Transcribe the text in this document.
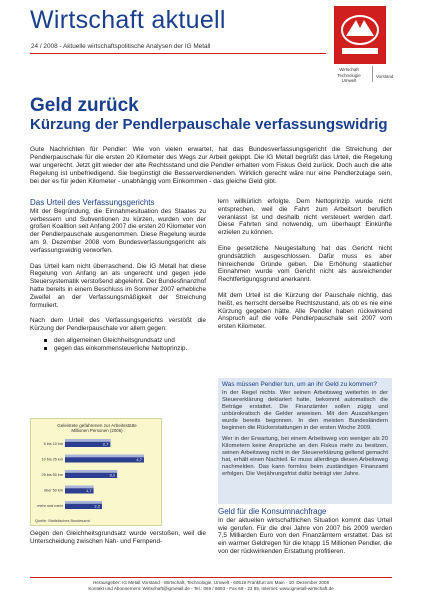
Wirtschaft aktuell
24 / 2008 - Aktuelle wirtschaftspolitische Analysen der IG Metall
Wirtschaft
Technologie
Umwelt
Vorstand
Geld zurück
Kürzung der Pendlerpauschale verfassungswidrig
Gute Nachrichten für Pendler: Wie von vielen erwartet, hat das Bundesverfassungsgericht die Streichung der Pendlerpauschale für die ersten 20 Kilometer des Wegs zur Arbeit gekippt. Die IG Metall begrüßt das Urteil, die Regelung war ungerecht. Jetzt gilt wieder der alte Rechtsstand und die Pendler erhalten vom Fiskus Geld zurück. Doch auch die alte Regelung ist unbefriedigend. Sie begünstigt die Besserverdienenden. Wirklich gerecht wäre nur eine Pendlerzulage sein, bei der es für jeden Kilometer - unabhängig vom Einkommen - das gleiche Geld gibt.
Das Urteil des Verfassungsgerichts

Mit der Begründung, die Einnahmesituation des Staates zu verbessern und Subventionen zu kürzen, wurden von der großen Koalition seit Anfang 2007 die ersten 20 Kilometer von der Pendlerpauschale ausgenommen. Diese Regelung wurde am 9. Dezember 2008 vom Bundesverfassungsgericht als verfassungswidrig verworfen.

Das Urteil kam nicht überraschend. Die IG Metall hat diese Regelung von Anfang an als ungerecht und gegen jede Steuersystematik verstoßend abgelehnt. Der Bundesfinanzhof hatte bereits in einem Beschluss im Sommer 2007 erhebliche Zweifel an der Verfassungsmäßigkeit der Streichung formuliert.

Nach dem Urteil des Verfassungsgerichts verstößt die Kürzung der Pendlerpauschale vor allem gegen:

den allgemeinen Gleichheitsgrundsatz und
gegen das einkommensteuerliche Nettoprinzip.
Geleistete gefahrenen zur Arbeitsstätte
Millionen Personen (2006)
5 bis 10 km	2,7
10 bis 25 km	4,7
25 bis 50 km	3,1
über 50 km	1,7
mehr und mehr	2,2
Quelle: Statistisches Bundesamt

Gegen den Gleichheitsgrundsatz wurde verstoßen, weil die Unterscheidung zwischen Nah- und Fernpend-

lern willkürlich erfolgte. Dem Nettoprinzip wurde nicht entsprechen, weil die Fahrt zum Arbeitsort beruflich veranlasst ist und deshalb nicht versteuert werden darf. Diese Fahrten sind notwendig, um überhaupt Einkünfte erzielen zu können.

Eine gesetzliche Neugestaltung hat das Gericht nicht grundsätzlich ausgeschlossen. Dafür muss es aber hinreichende Gründe geben. Die Erhöhung staatlicher Einnahmen wurde vom Gericht nicht als ausreichender Rechtfertigungsgrund anerkannt.

Mit dem Urteil ist die Kürzung der Pauschale nichtig, das heißt, es herrscht derselbe Rechtszustand, als ob es nie eine Kürzung gegeben hätte. Alle Pendler haben rückwirkend Anspruch auf die volle Pendlerpauschale seit 2007 vom ersten Kilometer.

Was müssen Pendler tun, um an ihr Geld zu kommen?

In der Regel nichts. Wer seinen Arbeitsweg weiterhin in der Steuererklärung deklariert hatte, bekommt automatisch die Beträge erstattet. Die Finanzämter sollen zügig und unbürokratisch die Gelder anweisen. Mit den Auszahlungen wurde bereits begonnen. In den meisten Bundesländern beginnen die Rückerstattungen in der ersten Woche 2009.

Wer in der Erwartung, bei einem Arbeitsweg von weniger als 20 Kilometern keine Ansprüche an den Fiskus mehr zu besitzen, seinen Arbeitsweg nicht in der Steuererklärung geltend gemacht hat, erhält einen Nachteil. Er muss allerdings diesen Arbeitsweg nachmelden. Das kann formlos beim zuständigen Finanzamt erfolgen. Die Verjährungsfrist dafür beträgt vier Jahre.

Geld für die Konsumnachfrage

In der aktuellen wirtschaftlichen Situation kommt das Urteil wie gerufen. Für die drei Jahre von 2007 bis 2009 werden 7,5 Milliarden Euro von den Finanzämtern erstattet. Das ist ein warmer Geldregen für die knapp 15 Millionen Pendler, die von der rückwirkenden Erstattung profitieren.

Herausgeber: IG Metall Vorstand - Wirtschaft, Technologie, Umwelt - 60519 Frankfurt am Main - 10. Dezember 2008
Kontakt und Abonnement: Wirtschaft@igmetall.de - Tel.: 069 / 6693 - Fax 69 - 23 65, Internet: www.igmetall-wirtschaft.de
